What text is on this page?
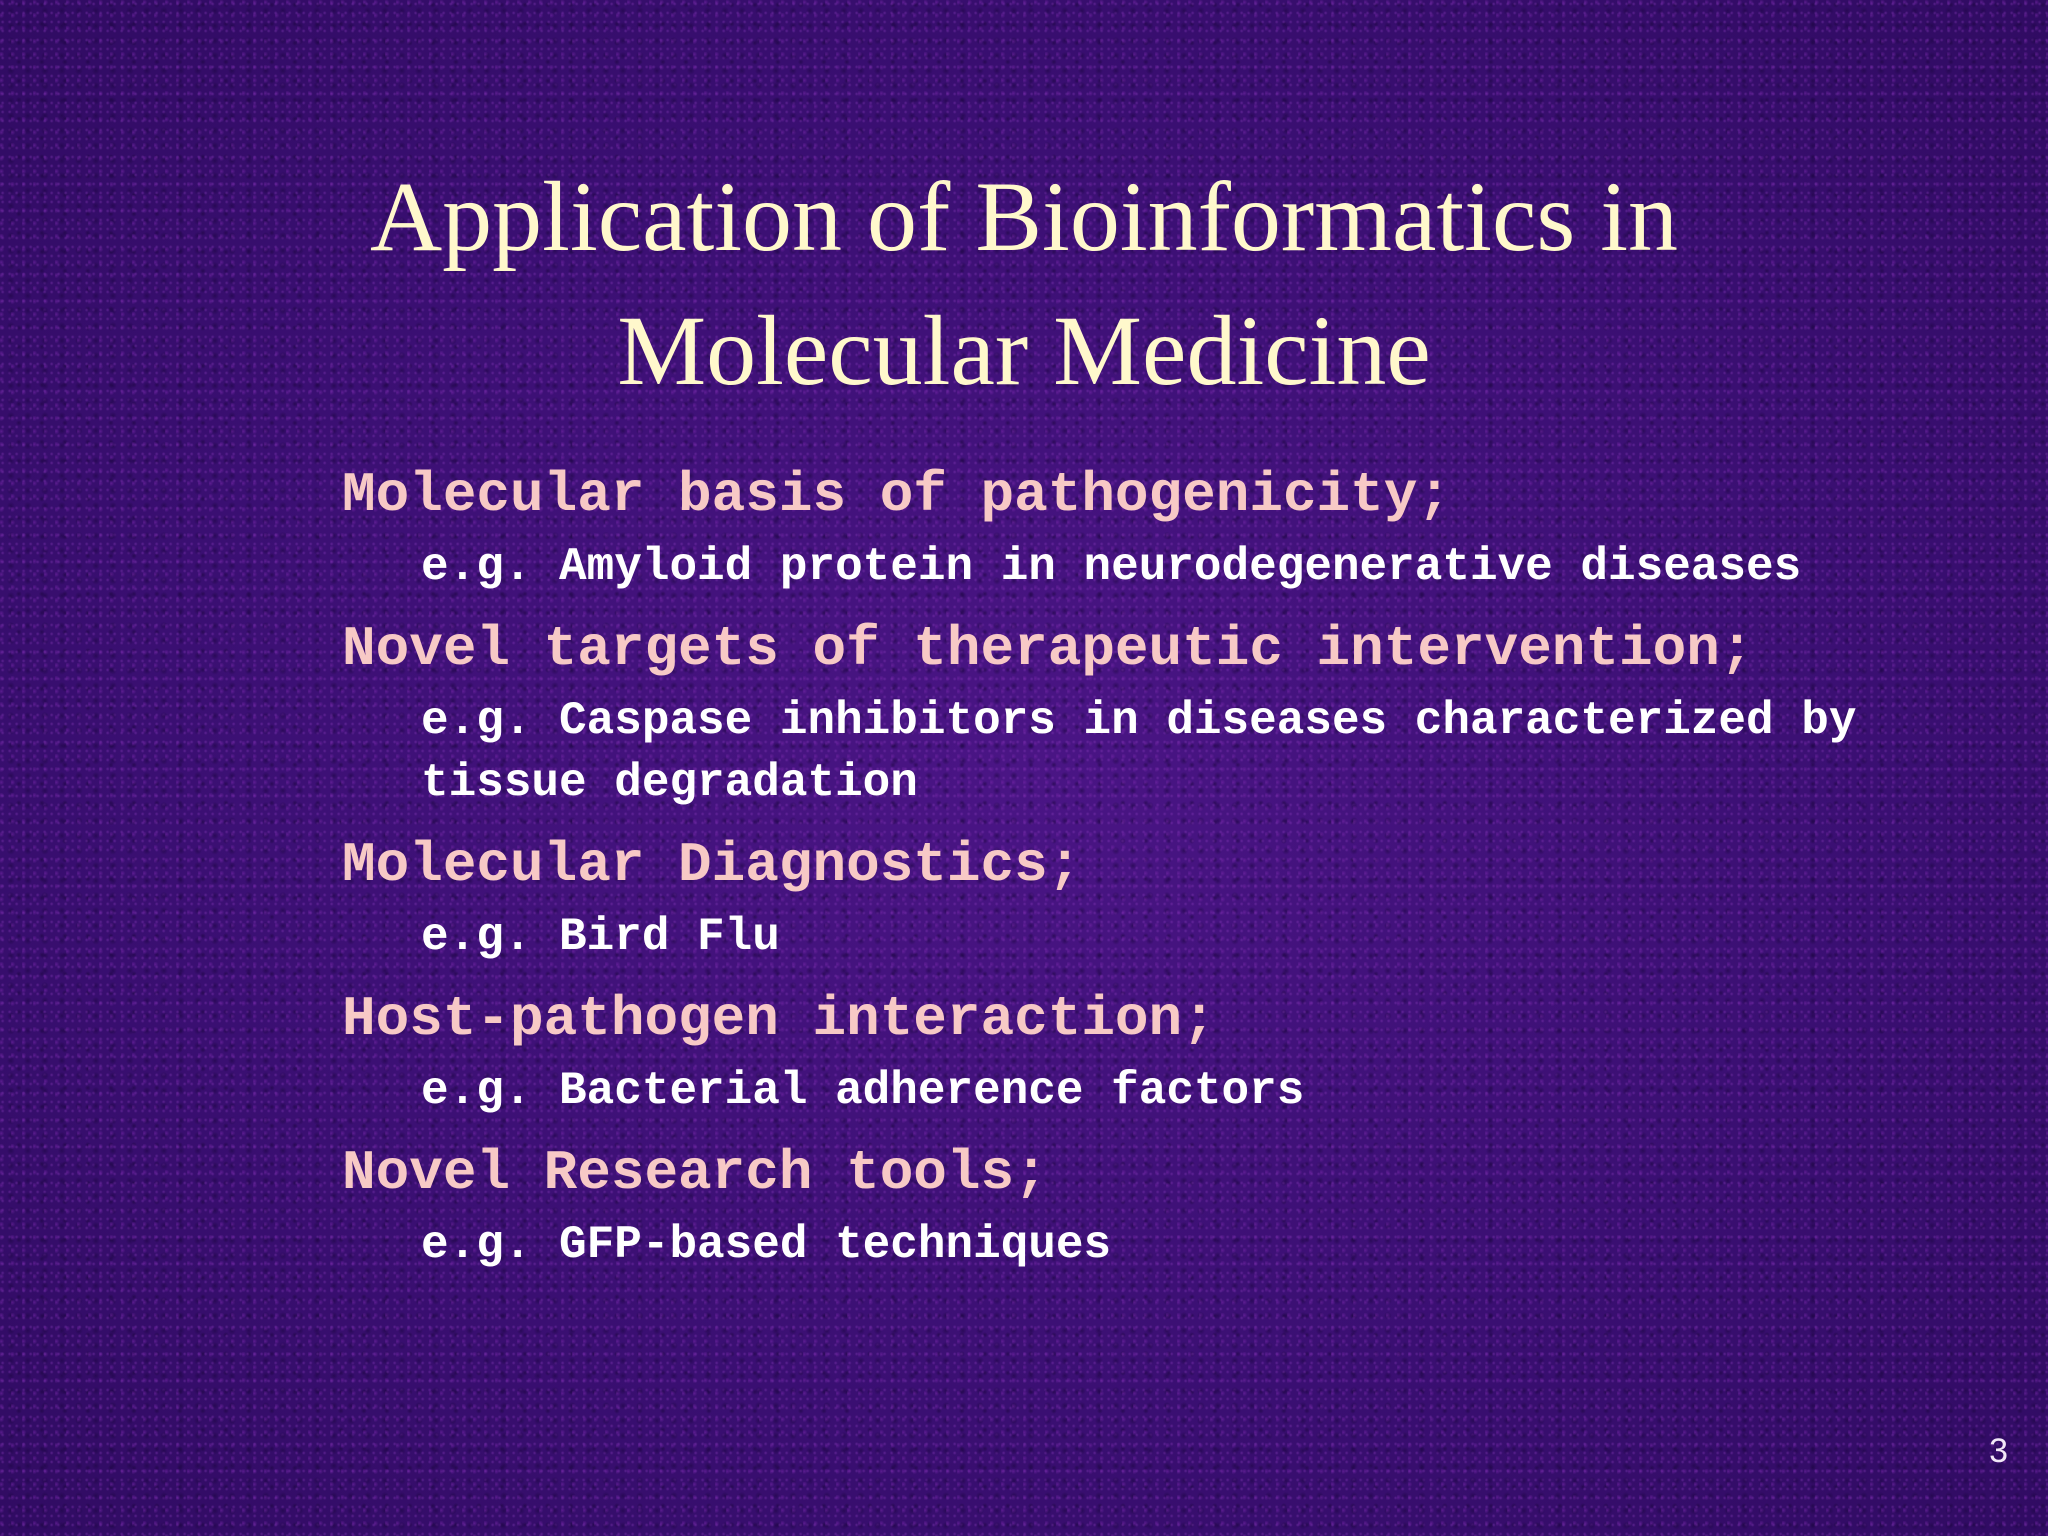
Application of Bioinformatics in
Molecular Medicine
Molecular basis of pathogenicity;
e.g. Amyloid protein in neurodegenerative diseases
Novel targets of therapeutic intervention;
e.g. Caspase inhibitors in diseases characterized by tissue degradation
Molecular Diagnostics;
e.g. Bird Flu
Host-pathogen interaction;
e.g. Bacterial adherence factors
Novel Research tools;
e.g. GFP-based techniques
3
